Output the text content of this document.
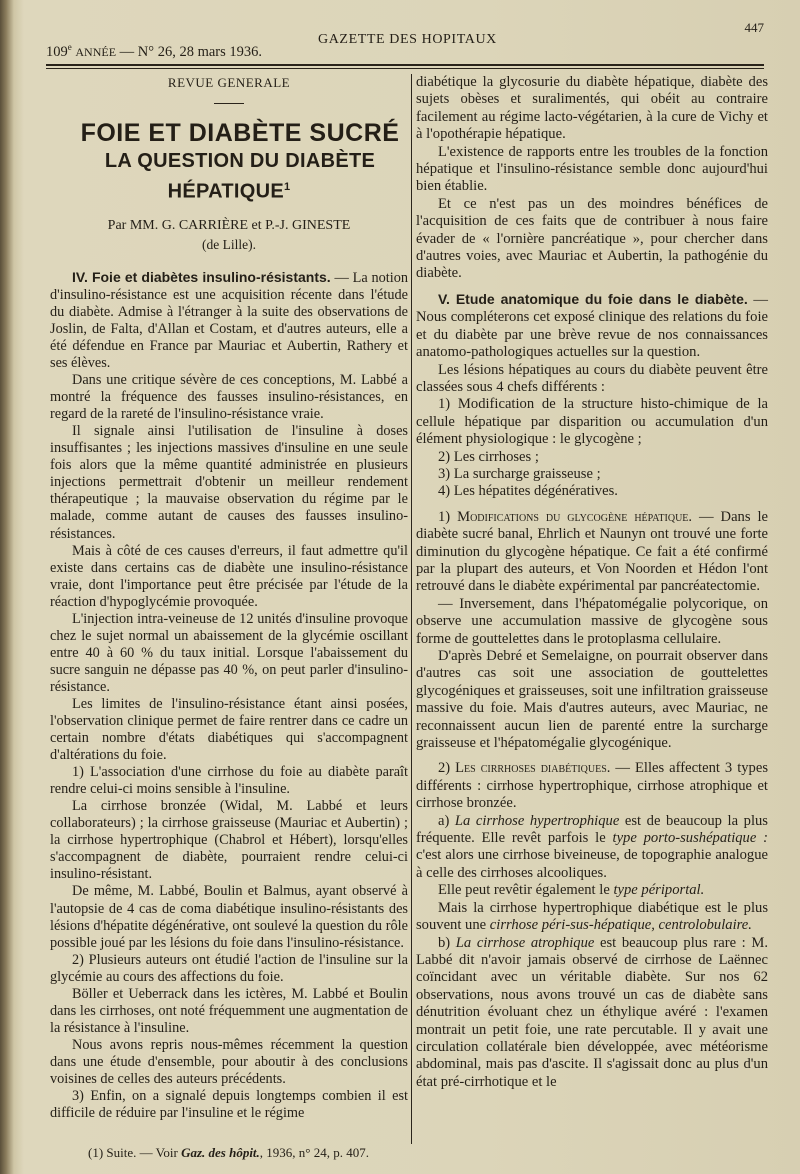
109e ANNÉE — N° 26, 28 mars 1936.
GAZETTE DES HOPITAUX
447

REVUE GENERALE

FOIE ET DIABÈTE SUCRÉ

LA QUESTION DU DIABÈTE HÉPATIQUE$^1$

Par MM. G. CARRIÈRE et P.-J. GINESTE
(de Lille).

IV. Foie et diabètes insulino-résistants. — La notion d'insulino-résistance est une acquisition récente dans l'étude du diabète. Admise à l'étranger à la suite des observations de Joslin, de Falta, d'Allan et Costam, et d'autres auteurs, elle a été défendue en France par Mauriac et Aubertin, Rathery et ses élèves.

Dans une critique sévère de ces conceptions, M. Labbé a montré la fréquence des fausses insulino-résistances, en regard de la rareté de l'insulino-résistance vraie.

Il signale ainsi l'utilisation de l'insuline à doses insuffisantes ; les injections massives d'insuline en une seule fois alors que la même quantité administrée en plusieurs injections permettrait d'obtenir un meilleur rendement thérapeutique ; la mauvaise observation du régime par le malade, comme autant de causes des fausses insulino-résistances.

Mais à côté de ces causes d'erreurs, il faut admettre qu'il existe dans certains cas de diabète une insulino-résistance vraie, dont l'importance peut être précisée par l'étude de la réaction d'hypoglycémie provoquée.

L'injection intra-veineuse de 12 unités d'insuline provoque chez le sujet normal un abaissement de la glycémie oscillant entre 40 à 60 % du taux initial. Lorsque l'abaissement du sucre sanguin ne dépasse pas 40 %, on peut parler d'insulino-résistance.

Les limites de l'insulino-résistance étant ainsi posées, l'observation clinique permet de faire rentrer dans ce cadre un certain nombre d'états diabétiques qui s'accompagnent d'altérations du foie.

1) L'association d'une cirrhose du foie au diabète paraît rendre celui-ci moins sensible à l'insuline.

La cirrhose bronzée (Widal, M. Labbé et leurs collaborateurs) ; la cirrhose graisseuse (Mauriac et Aubertin) ; la cirrhose hypertrophique (Chabrol et Hébert), lorsqu'elles s'accompagnent de diabète, pourraient rendre celui-ci insulino-résistant.

De même, M. Labbé, Boulin et Balmus, ayant observé à l'autopsie de 4 cas de coma diabétique insulino-résistants des lésions d'hépatite dégénérative, ont soulevé la question du rôle possible joué par les lésions du foie dans l'insulino-résistance.

2) Plusieurs auteurs ont étudié l'action de l'insuline sur la glycémie au cours des affections du foie.

Böller et Ueberrack dans les ictères, M. Labbé et Boulin dans les cirrhoses, ont noté fréquemment une augmentation de la résistance à l'insuline.

Nous avons repris nous-mêmes récemment la question dans une étude d'ensemble, pour aboutir à des conclusions voisines de celles des auteurs précédents.

3) Enfin, on a signalé depuis longtemps combien il est difficile de réduire par l'insuline et le régime

diabétique la glycosurie du diabète hépatique, diabète des sujets obèses et suralimentés, qui obéit au contraire facilement au régime lacto-végétarien, à la cure de Vichy et à l'opothérapie hépatique.

L'existence de rapports entre les troubles de la fonction hépatique et l'insulino-résistance semble donc aujourd'hui bien établie.

Et ce n'est pas un des moindres bénéfices de l'acquisition de ces faits que de contribuer à nous faire évader de « l'ornière pancréatique », pour chercher dans d'autres voies, avec Mauriac et Aubertin, la pathogénie du diabète.

V. Etude anatomique du foie dans le diabète. — Nous compléterons cet exposé clinique des relations du foie et du diabète par une brève revue de nos connaissances anatomo-pathologiques actuelles sur la question.

Les lésions hépatiques au cours du diabète peuvent être classées sous 4 chefs différents :

1) Modification de la structure histo-chimique de la cellule hépatique par disparition ou accumulation d'un élément physiologique : le glycogène ;

2) Les cirrhoses ;

3) La surcharge graisseuse ;

4) Les hépatites dégénératives.

1) Modifications du glycogène hépatique. — Dans le diabète sucré banal, Ehrlich et Naunyn ont trouvé une forte diminution du glycogène hépatique. Ce fait a été confirmé par la plupart des auteurs, et Von Noorden et Hédon l'ont retrouvé dans le diabète expérimental par pancréatectomie.

— Inversement, dans l'hépatomégalie polycorique, on observe une accumulation massive de glycogène sous forme de gouttelettes dans le protoplasma cellulaire.

D'après Debré et Semelaigne, on pourrait observer dans d'autres cas soit une association de gouttelettes glycogéniques et graisseuses, soit une infiltration graisseuse massive du foie. Mais d'autres auteurs, avec Mauriac, ne reconnaissent aucun lien de parenté entre la surcharge graisseuse et l'hépatomégalie glycogénique.

2) Les cirrhoses diabétiques. — Elles affectent 3 types différents : cirrhose hypertrophique, cirrhose atrophique et cirrhose bronzée.

a) La cirrhose hypertrophique est de beaucoup la plus fréquente. Elle revêt parfois le type porto-sushépatique : c'est alors une cirrhose biveineuse, de topographie analogue à celle des cirrhoses alcooliques.

Elle peut revêtir également le type périportal.

Mais la cirrhose hypertrophique diabétique est le plus souvent une cirrhose péri-sus-hépatique, centrolobulaire.

b) La cirrhose atrophique est beaucoup plus rare : M. Labbé dit n'avoir jamais observé de cirrhose de Laënnec coïncidant avec un véritable diabète. Sur nos 62 observations, nous avons trouvé un cas de diabète sans dénutrition évoluant chez un éthylique avéré : l'examen montrait un petit foie, une rate percutable. Il y avait une circulation collatérale bien développée, avec météorisme abdominal, mais pas d'ascite. Il s'agissait donc au plus d'un état pré-cirrhotique et le

(1) Suite. — Voir Gaz. des hôpit., 1936, n° 24, p. 407.
